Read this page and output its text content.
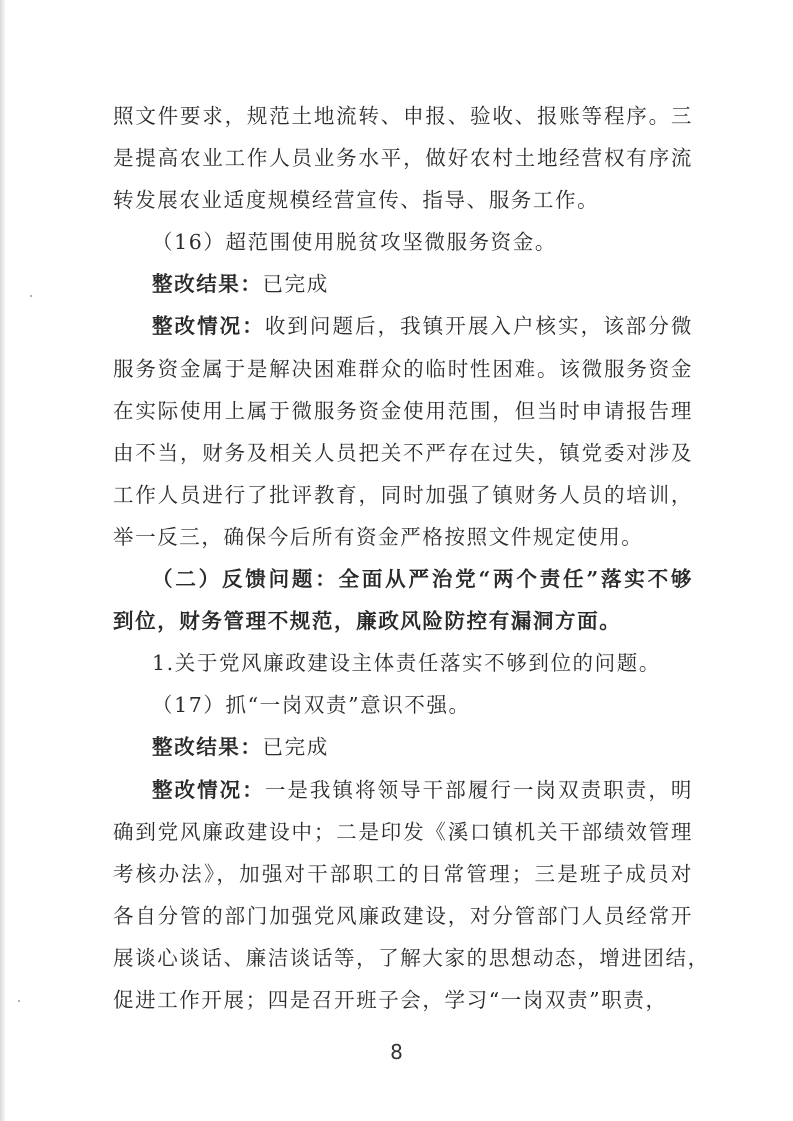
照文件要求，规范土地流转、申报、验收、报账等程序。三
是提高农业工作人员业务水平，做好农村土地经营权有序流
转发展农业适度规模经营宣传、指导、服务工作。
（16）超范围使用脱贫攻坚微服务资金。
整改结果：已完成
整改情况：收到问题后，我镇开展入户核实，该部分微
服务资金属于是解决困难群众的临时性困难。该微服务资金
在实际使用上属于微服务资金使用范围，但当时申请报告理
由不当，财务及相关人员把关不严存在过失，镇党委对涉及
工作人员进行了批评教育，同时加强了镇财务人员的培训，
举一反三，确保今后所有资金严格按照文件规定使用。
（二）反馈问题：全面从严治党“两个责任”落实不够
到位，财务管理不规范，廉政风险防控有漏洞方面。
1.关于党风廉政建设主体责任落实不够到位的问题。
（17）抓“一岗双责”意识不强。
整改结果：已完成
整改情况：一是我镇将领导干部履行一岗双责职责，明
确到党风廉政建设中；二是印发《溪口镇机关干部绩效管理
考核办法》，加强对干部职工的日常管理；三是班子成员对
各自分管的部门加强党风廉政建设，对分管部门人员经常开
展谈心谈话、廉洁谈话等，了解大家的思想动态，增进团结，
促进工作开展；四是召开班子会，学习“一岗双责”职责，
8
